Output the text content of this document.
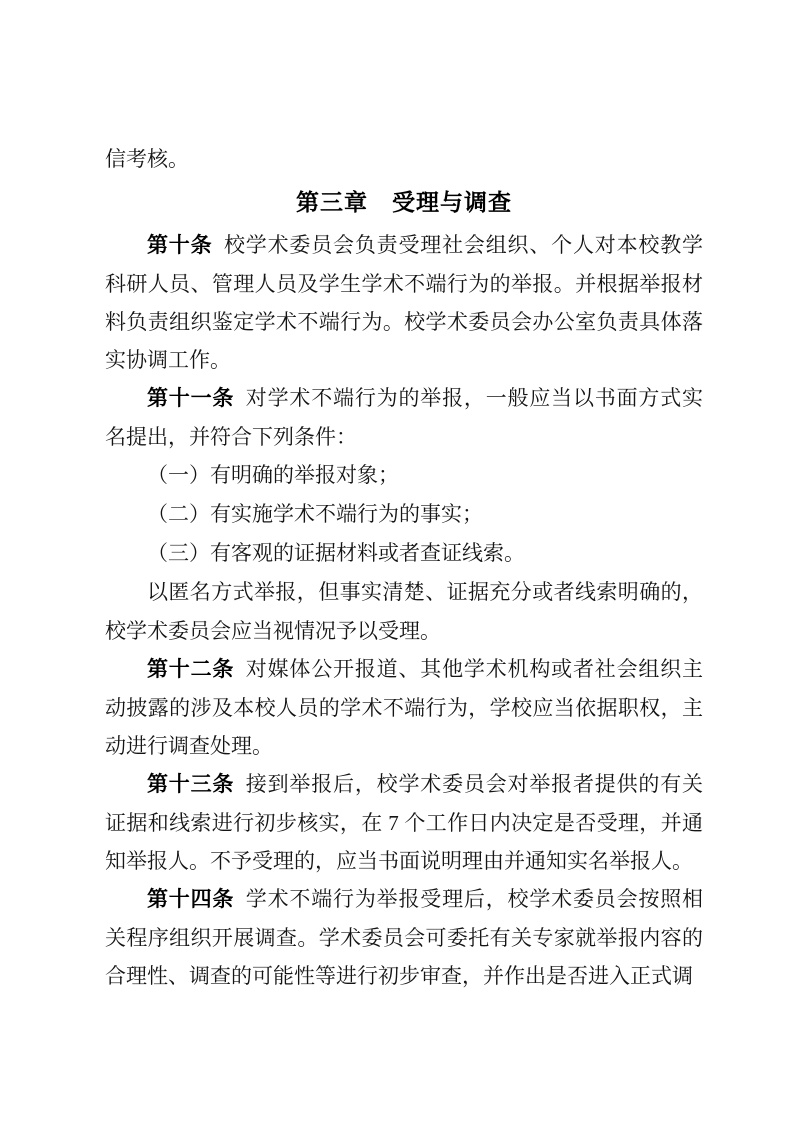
信考核。

第三章　受理与调查

第十条 校学术委员会负责受理社会组织、个人对本校教学科研人员、管理人员及学生学术不端行为的举报。并根据举报材料负责组织鉴定学术不端行为。校学术委员会办公室负责具体落实协调工作。

第十一条 对学术不端行为的举报，一般应当以书面方式实名提出，并符合下列条件：

（一）有明确的举报对象；

（二）有实施学术不端行为的事实；

（三）有客观的证据材料或者查证线索。

以匿名方式举报，但事实清楚、证据充分或者线索明确的，校学术委员会应当视情况予以受理。

第十二条 对媒体公开报道、其他学术机构或者社会组织主动披露的涉及本校人员的学术不端行为，学校应当依据职权，主动进行调查处理。

第十三条 接到举报后，校学术委员会对举报者提供的有关证据和线索进行初步核实，在 7 个工作日内决定是否受理，并通知举报人。不予受理的，应当书面说明理由并通知实名举报人。

第十四条 学术不端行为举报受理后，校学术委员会按照相关程序组织开展调查。学术委员会可委托有关专家就举报内容的合理性、调查的可能性等进行初步审查，并作出是否进入正式调
